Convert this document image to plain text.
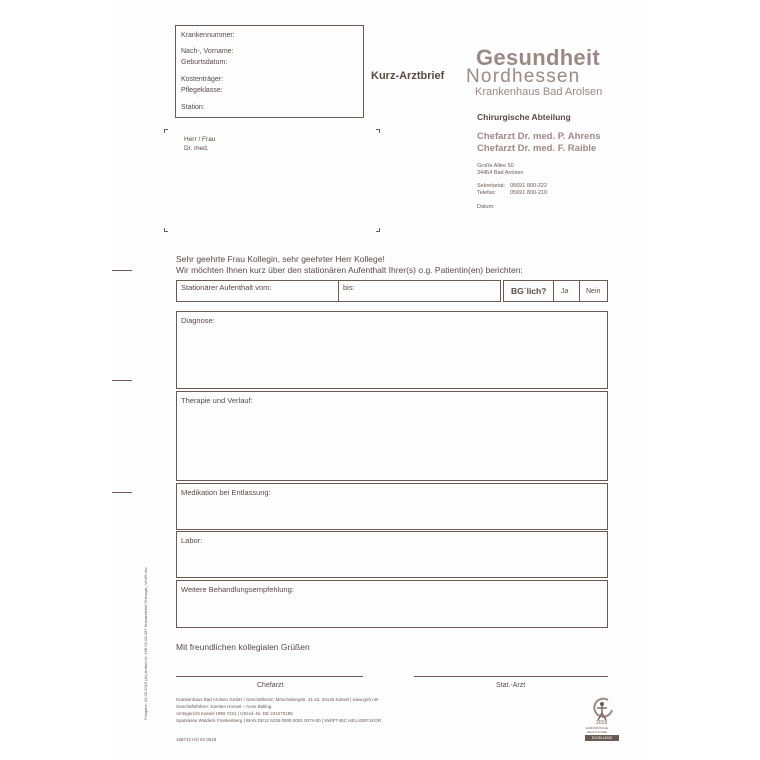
Krankennummer:
Nach-, Vorname:
Geburtsdatum:
Kostenträger:
Pflegeklasse:
Station:
Kurz-Arztbrief
Gesundheit
Nordhessen
Krankenhaus Bad Arolsen
Chirurgische Abteilung
Chefarzt Dr. med. P. Ahrens
Chefarzt Dr. med. F. Raible
Große Allee 50
34454 Bad Arolsen
Sekretariat: 05691 800-222
Telefax:	05691 800-210
Datum:
Herr / Frau
Dr. med.
Sehr geehrte Frau Kollegin, sehr geehrter Herr Kollege!
Wir möchten Ihnen kurz über den stationären Aufenthalt Ihrer(s) o.g. Patientin(en) berichten:
Stationärer Aufenthalt vom:	bis:	BG´lich? Ja	Nein
Diagnose:
Therapie und Verlauf:
Medikation bei Entlassung:
Labor:
Weitere Behandlungsempfehlung:
Mit freundlichen kollegialen Grüßen
Chefarzt	Stat.-Arzt
Krankenhaus Bad Arolsen GmbH | Geschäftssitz: Mönchebergstr. 41-43, 34125 Kassel | www.gnh.net
Geschäftsführer: Karsten Honsel – Anne Bülling
Amtsgericht Kassel HRB 7221 | USt-Id.-Nr. DE 224270186
Sparkasse Waldeck Frankenberg | IBAN DE12 5235 0005 0001 0074-00 | SWIFT-BIC HELADEF1KOR
168712 HÜ 02 0518
Freigabe: 03.03.2016 (Ar) Artikel-Nr: 168 02-03-187 Kurzarztbrief Chirurgie_Ver05.doc
2018
EUROPÄISCHE
HEALTHCARE
EXZELLENZ
